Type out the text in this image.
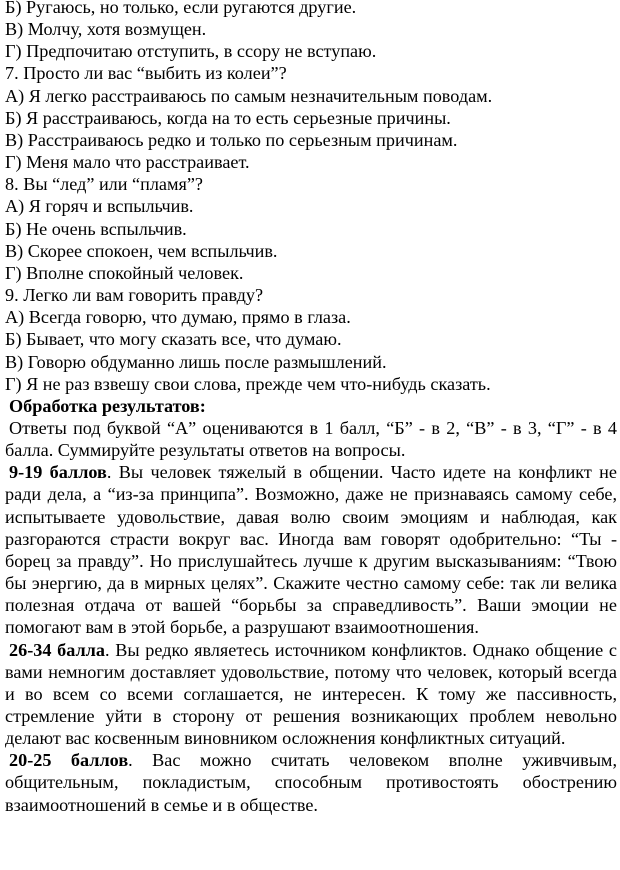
Б) Ругаюсь, но только, если ругаются другие.

В) Молчу, хотя возмущен.

Г) Предпочитаю отступить, в ссору не вступаю.

7. Просто ли вас “выбить из колеи”?

А) Я легко расстраиваюсь по самым незначительным поводам.

Б) Я расстраиваюсь, когда на то есть серьезные причины.

В) Расстраиваюсь редко и только по серьезным причинам.

Г) Меня мало что расстраивает.

8. Вы “лед” или “пламя”?

А) Я горяч и вспыльчив.

Б) Не очень вспыльчив.

В) Скорее спокоен, чем вспыльчив.

Г) Вполне спокойный человек.

9. Легко ли вам говорить правду?

А) Всегда говорю, что думаю, прямо в глаза.

Б) Бывает, что могу сказать все, что думаю.

В) Говорю обдуманно лишь после размышлений.

Г) Я не раз взвешу свои слова, прежде чем что-нибудь сказать.

Обработка результатов:

Ответы под буквой “А” оцениваются в 1 балл, “Б” - в 2, “В” - в 3, “Г” - в 4 балла. Суммируйте результаты ответов на вопросы.

9-19 баллов. Вы человек тяжелый в общении. Часто идете на конфликт не ради дела, а “из-за принципа”. Возможно, даже не признаваясь самому себе, испытываете удовольствие, давая волю своим эмоциям и наблюдая, как разгораются страсти вокруг вас. Иногда вам говорят одобрительно: “Ты - борец за правду”. Но прислушайтесь лучше к другим высказываниям: “Твою бы энергию, да в мирных целях”. Скажите честно самому себе: так ли велика полезная отдача от вашей “борьбы за справедливость”. Ваши эмоции не помогают вам в этой борьбе, а разрушают взаимоотношения.

26-34 балла. Вы редко являетесь источником конфликтов. Однако общение с вами немногим доставляет удовольствие, потому что человек, который всегда и во всем со всеми соглашается, не интересен. К тому же пассивность, стремление уйти в сторону от решения возникающих проблем невольно делают вас косвенным виновником осложнения конфликтных ситуаций.

20-25 баллов. Вас можно считать человеком вполне уживчивым, общительным, покладистым, способным противостоять обострению взаимоотношений в семье и в обществе.
